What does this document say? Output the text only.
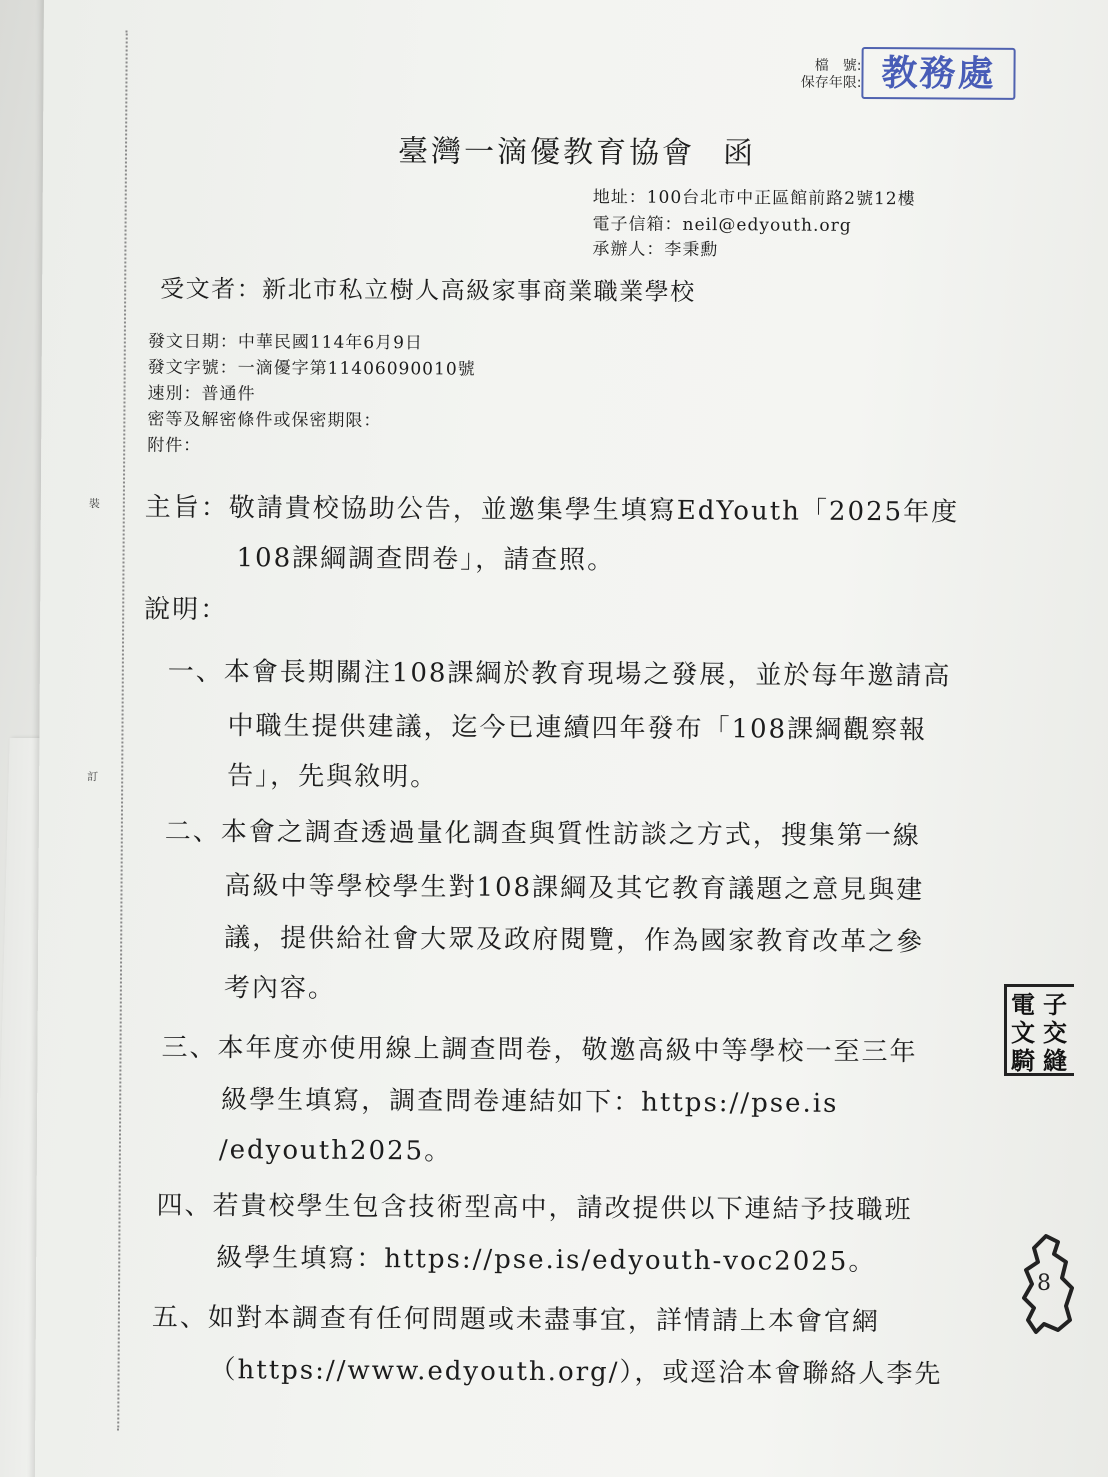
裝
訂
檔　號:
保存年限: 教務處
臺灣一滴優教育協會 函
地址：100台北市中正區館前路2號12樓
電子信箱：neil@edyouth.org
承辦人：李秉勳
受文者：新北市私立樹人高級家事商業職業學校
發文日期：中華民國114年6月9日
發文字號：一滴優字第11406090010號
速別：普通件
密等及解密條件或保密期限：
附件：
主旨：敬請貴校協助公告，並邀集學生填寫EdYouth「2025年度
108課綱調查問卷」，請查照。
說明：
一、本會長期關注108課綱於教育現場之發展，並於每年邀請高
中職生提供建議，迄今已連續四年發布「108課綱觀察報
告」，先與敘明。
二、本會之調查透過量化調查與質性訪談之方式，搜集第一線
高級中等學校學生對108課綱及其它教育議題之意見與建
議，提供給社會大眾及政府閱覽，作為國家教育改革之參
考內容。
三、本年度亦使用線上調查問卷，敬邀高級中等學校一至三年
級學生填寫，調查問卷連結如下：https://pse.is
/edyouth2025。
四、若貴校學生包含技術型高中，請改提供以下連結予技職班
級學生填寫：https://pse.is/edyouth-voc2025。
五、如對本調查有任何問題或未盡事宜，詳情請上本會官網
（https://www.edyouth.org/），或逕洽本會聯絡人李先
電
文
騎
子
交
縫
8
